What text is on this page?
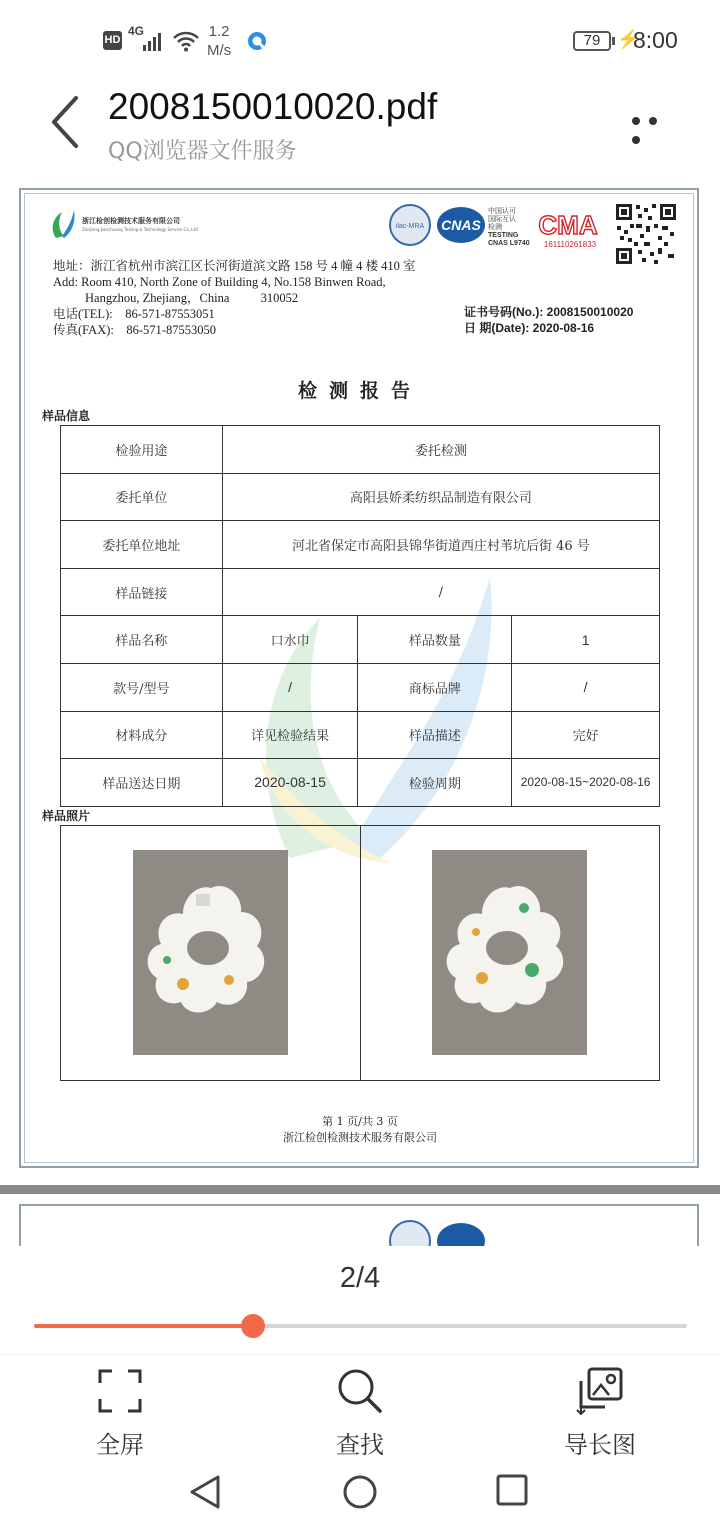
HD
4G	1.2
M/s
79 ⚡
8:00
2008150010020.pdf
QQ浏览器文件服务
浙江检创检测技术服务有限公司
Zhejiang Jianchuang Testing & Technology Service Co.,Ltd	ilac-MRA CNAS
中国认可
国际互认
检测
TESTING
CNAS L9740
CMA
161110261833
地址：浙江省杭州市滨江区长河街道滨文路 158 号 4 幢 4 楼 410 室
Add: Room 410, North Zone of Building 4, No.158 Binwen Road,
Hangzhou, Zhejiang，China          310052
电话(TEL):    86-571-87553051
传真(FAX):    86-571-87553050
证书号码(No.): 2008150010020
日 期(Date): 2020-08-16
检测报告
样品信息
检验用途	委托检测		
委托单位	高阳县娇柔纺织品制造有限公司		
委托单位地址	河北省保定市高阳县锦华街道西庄村苇坑后街 46 号		
样品链接	/		
样品名称	口水巾	样品数量	1
款号/型号	/	商标品牌	/
材料成分	详见检验结果	样品描述	完好
样品送达日期	2020-08-15	检验周期	2020-08-15~2020-08-16
样品照片
第 1 页/共 3 页
浙江检创检测技术服务有限公司
2/4
全屏	查找	导长图
